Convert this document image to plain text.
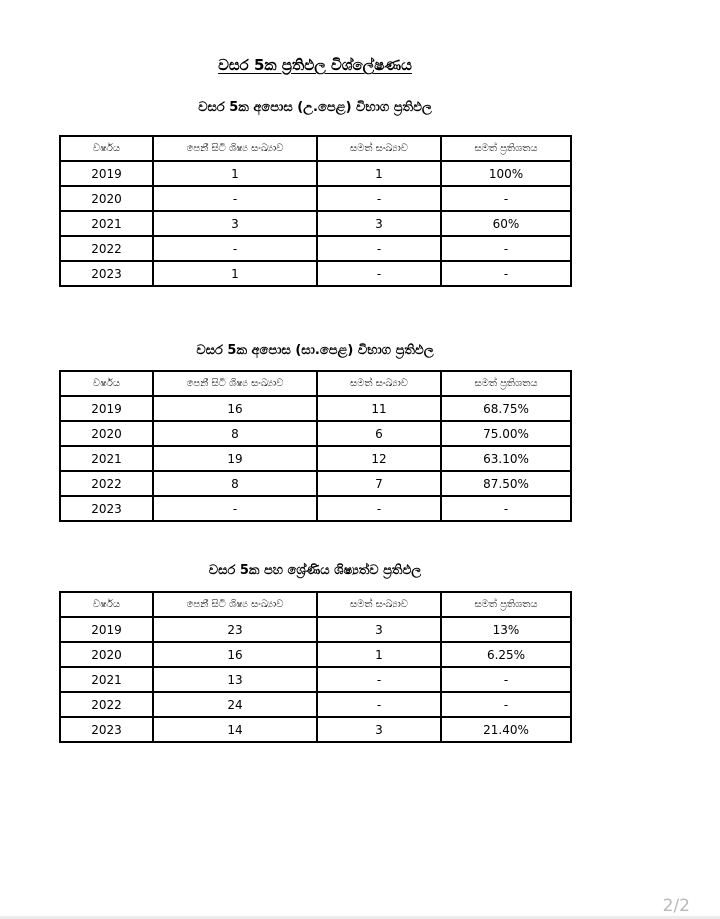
වසර 5ක ප්‍රතිඵල විශ්ලේෂණය
වසර 5ක අපොස (උ.පෙළ) විභාග ප්‍රතිඵල
වර්ෂය	පෙනී සිටි ශිෂ්‍ය සංඛ්‍යාව	සමත් සංඛ්‍යාව	සමත් ප්‍රතිශතය
2019	1	1	100%
2020	-	-	-
2021	3	3	60%
2022	-	-	-
2023	1	-	-
වසර 5ක අපොස (සා.පෙළ) විභාග ප්‍රතිඵල
වර්ෂය	පෙනී සිටි ශිෂ්‍ය සංඛ්‍යාව	සමත් සංඛ්‍යාව	සමත් ප්‍රතිශතය
2019	16	11	68.75%
2020	8	6	75.00%
2021	19	12	63.10%
2022	8	7	87.50%
2023	-	-	-
වසර 5ක පහ ශ්‍රේණිය ශිෂ්‍යත්ව ප්‍රතිඵල
වර්ෂය	පෙනී සිටි ශිෂ්‍ය සංඛ්‍යාව	සමත් සංඛ්‍යාව	සමත් ප්‍රතිශතය
2019	23	3	13%
2020	16	1	6.25%
2021	13	-	-
2022	24	-	-
2023	14	3	21.40%
2/2
